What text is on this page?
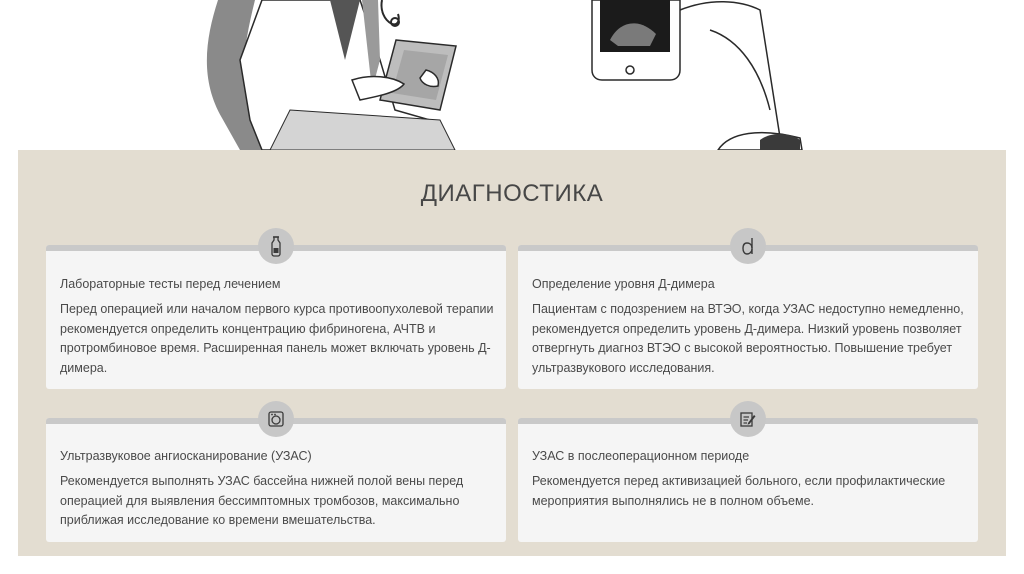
ДИАГНОСТИКА
Лабораторные тесты перед лечением
Перед операцией или началом первого курса противоопухолевой терапии рекомендуется определить концентрацию фибриногена, АЧТВ и протромбиновое время. Расширенная панель может включать уровень Д-димера.
Определение уровня Д-димера
Пациентам с подозрением на ВТЭО, когда УЗАС недоступно немедленно, рекомендуется определить уровень Д-димера. Низкий уровень позволяет отвергнуть диагноз ВТЭО с высокой вероятностью. Повышение требует ультразвукового исследования.
Ультразвуковое ангиосканирование (УЗАС)
Рекомендуется выполнять УЗАС бассейна нижней полой вены перед операцией для выявления бессимптомных тромбозов, максимально приближая исследование ко времени вмешательства.
УЗАС в послеоперационном периоде
Рекомендуется перед активизацией больного, если профилактические мероприятия выполнялись не в полном объеме.
